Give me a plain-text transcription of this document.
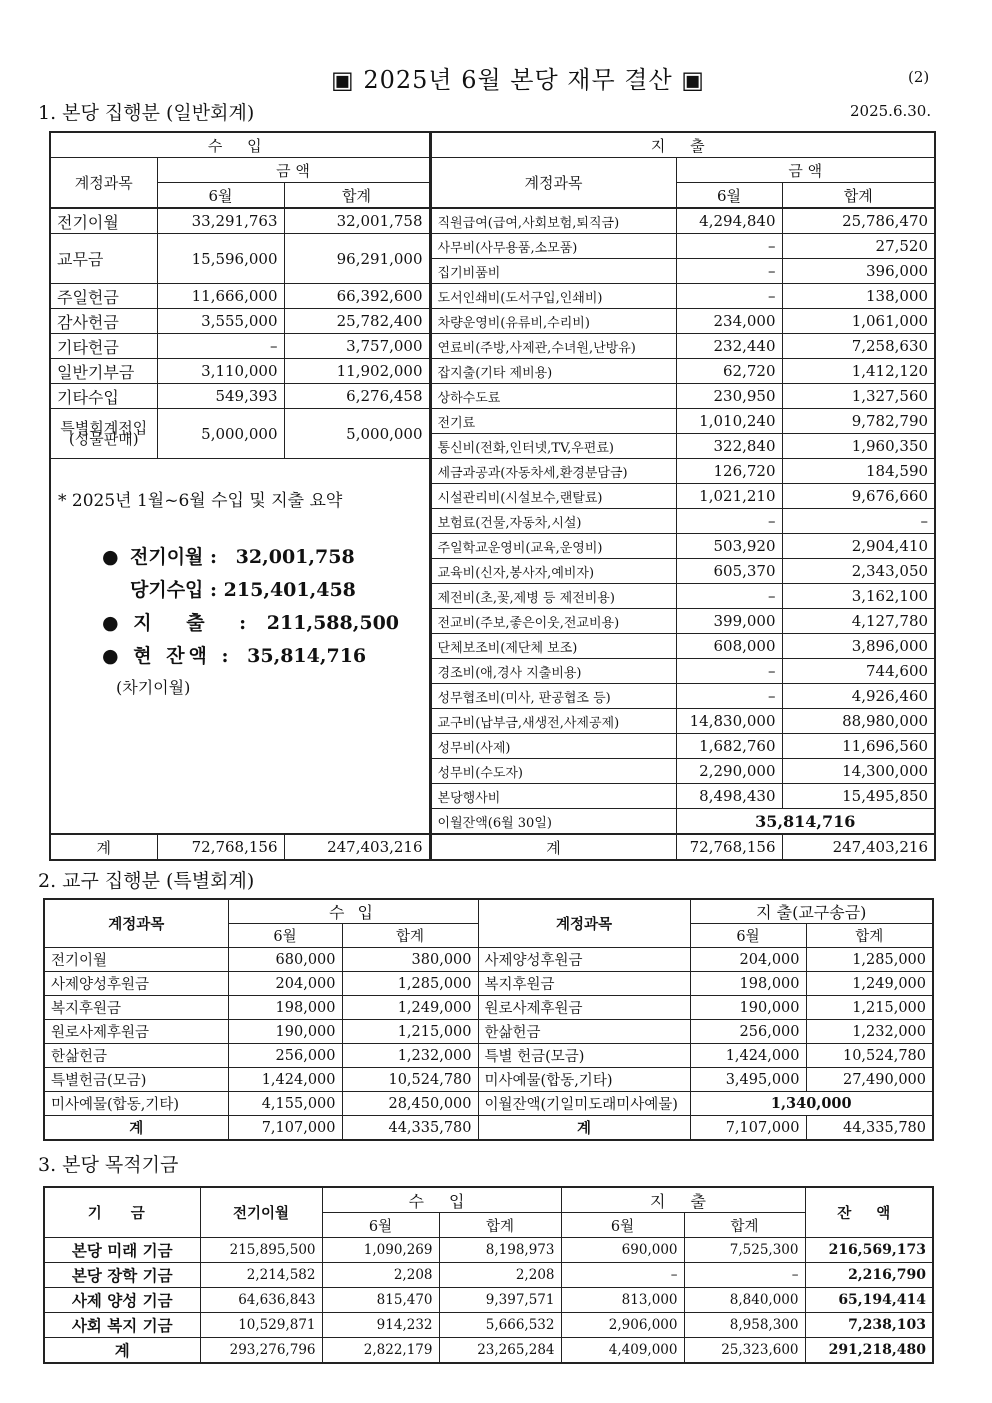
▣ 2025년 6월 본당 재무 결산 ▣	(2)
1. 본당 집행분 (일반회계)	2025.6.30.
수 입			지 출		
계정과목	금 액		계정과목	금 액	
	6월	합계		6월	합계
전기이월	33,291,763	32,001,758	직원급여(급여,사회보험,퇴직금)	4,294,840	25,786,470
교무금	15,596,000	96,291,000	사무비(사무용품,소모품)	–	27,520
			집기비품비	–	396,000
주일헌금	11,666,000	66,392,600	도서인쇄비(도서구입,인쇄비)	–	138,000
감사헌금	3,555,000	25,782,400	차량운영비(유류비,수리비)	234,000	1,061,000
기타헌금	–	3,757,000	연료비(주방,사제관,수녀원,난방유)	232,440	7,258,630
일반기부금	3,110,000	11,902,000	잡지출(기타 제비용)	62,720	1,412,120
기타수입	549,393	6,276,458	상하수도료	230,950	1,327,560
특별회계전입
(성물판매)	5,000,000	5,000,000	전기료	1,010,240	9,782,790
			통신비(전화,인터넷,TV,우편료)	322,840	1,960,350
			세금과공과(자동차세,환경분담금)	126,720	184,590
			시설관리비(시설보수,랜탈료)	1,021,210	9,676,660
			보험료(건물,자동차,시설)	–	–
			주일학교운영비(교육,운영비)	503,920	2,904,410
			교육비(신자,봉사자,예비자)	605,370	2,343,050
			제전비(초,꽃,제병 등 제전비용)	–	3,162,100
			전교비(주보,좋은이웃,전교비용)	399,000	4,127,780
			단체보조비(제단체 보조)	608,000	3,896,000
			경조비(애,경사 지출비용)	–	744,600
			성무협조비(미사, 판공협조 등)	–	4,926,460
			교구비(납부금,새생전,사제공제)	14,830,000	88,980,000
			성무비(사제)	1,682,760	11,696,560
			성무비(수도자)	2,290,000	14,300,000
			본당행사비	8,498,430	15,495,850
			이월잔액(6월 30일)	35,814,716	
계	72,768,156	247,403,216	계	72,768,156	247,403,216
* 2025년 1월~6월 수입 및 지출 요약
● 전기이월 : 32,001,758
당기수입 : 215,401,458
● 지 출 : 211,588,500
● 현 잔액 : 35,814,716
(차기이월)
2. 교구 집행분 (특별회계)
계정과목	수 입		계정과목	지 출(교구송금)	
	6월	합계		6월	합계
전기이월	680,000	380,000	사제양성후원금	204,000	1,285,000
사제양성후원금	204,000	1,285,000	복지후원금	198,000	1,249,000
복지후원금	198,000	1,249,000	원로사제후원금	190,000	1,215,000
원로사제후원금	190,000	1,215,000	한삶헌금	256,000	1,232,000
한삶헌금	256,000	1,232,000	특별 헌금(모금)	1,424,000	10,524,780
특별헌금(모금)	1,424,000	10,524,780	미사예물(합동,기타)	3,495,000	27,490,000
미사예물(합동,기타)	4,155,000	28,450,000	이월잔액(기일미도래미사예물)	1,340,000	
계	7,107,000	44,335,780	계	7,107,000	44,335,780
3. 본당 목적기금
기 금	전기이월	수 입		지 출		잔 액
		6월	합계	6월	합계	
본당 미래 기금	215,895,500	1,090,269	8,198,973	690,000	7,525,300	216,569,173
본당 장학 기금	2,214,582	2,208	2,208	–	–	2,216,790
사제 양성 기금	64,636,843	815,470	9,397,571	813,000	8,840,000	65,194,414
사회 복지 기금	10,529,871	914,232	5,666,532	2,906,000	8,958,300	7,238,103
계	293,276,796	2,822,179	23,265,284	4,409,000	25,323,600	291,218,480
